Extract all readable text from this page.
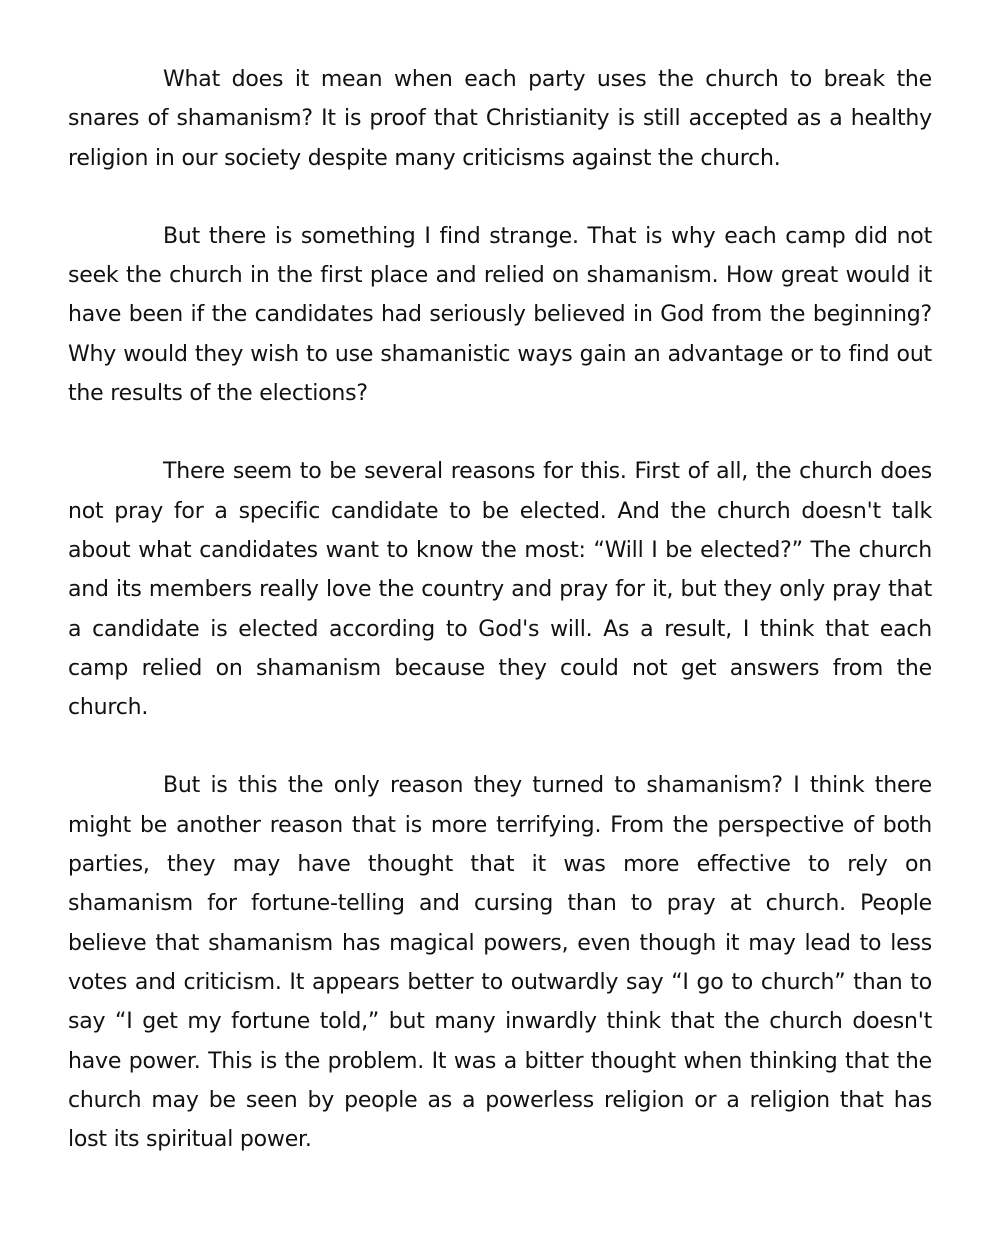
What does it mean when each party uses the church to break the snares of shamanism? It is proof that Christianity is still accepted as a healthy religion in our society despite many criticisms against the church.

But there is something I find strange. That is why each camp did not seek the church in the first place and relied on shamanism. How great would it have been if the candidates had seriously believed in God from the beginning? Why would they wish to use shamanistic ways gain an advantage or to find out the results of the elections?

There seem to be several reasons for this. First of all, the church does not pray for a specific candidate to be elected. And the church doesn't talk about what candidates want to know the most: “Will I be elected?” The church and its members really love the country and pray for it, but they only pray that a candidate is elected according to God's will. As a result, I think that each camp relied on shamanism because they could not get answers from the church.

But is this the only reason they turned to shamanism? I think there might be another reason that is more terrifying. From the perspective of both parties, they may have thought that it was more effective to rely on shamanism for fortune-telling and cursing than to pray at church. People believe that shamanism has magical powers, even though it may lead to less votes and criticism. It appears better to outwardly say “I go to church” than to say “I get my fortune told,” but many inwardly think that the church doesn't have power. This is the problem. It was a bitter thought when thinking that the church may be seen by people as a powerless religion or a religion that has lost its spiritual power.
